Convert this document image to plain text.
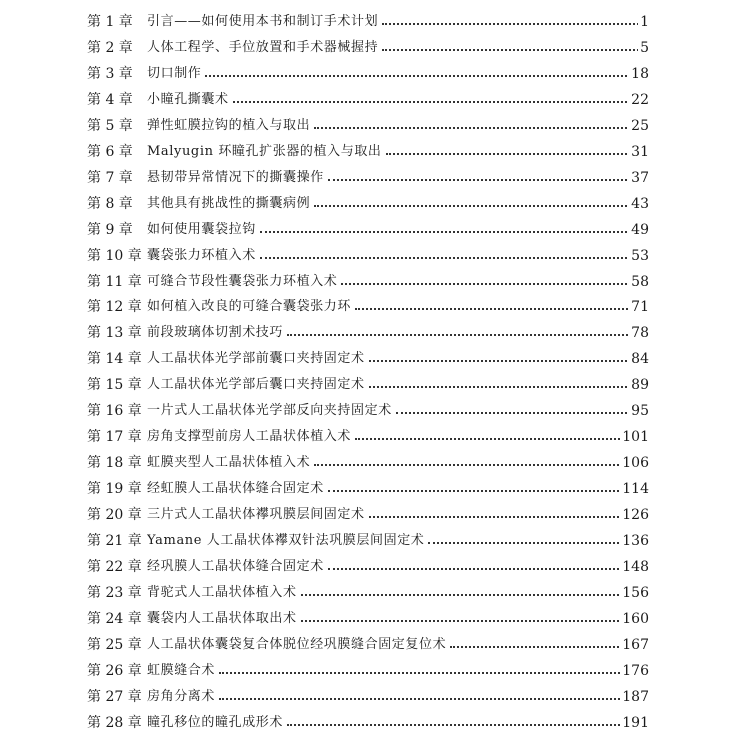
第 1 章 引言——如何使用本书和制订手术计划	1
第 2 章 人体工程学、手位放置和手术器械握持	5
第 3 章 切口制作	18
第 4 章 小瞳孔撕囊术	22
第 5 章 弹性虹膜拉钩的植入与取出	25
第 6 章 Malyugin 环瞳孔扩张器的植入与取出	31
第 7 章 悬韧带异常情况下的撕囊操作	37
第 8 章 其他具有挑战性的撕囊病例	43
第 9 章 如何使用囊袋拉钩	49
第 10 章 囊袋张力环植入术	53
第 11 章 可缝合节段性囊袋张力环植入术	58
第 12 章 如何植入改良的可缝合囊袋张力环	71
第 13 章 前段玻璃体切割术技巧	78
第 14 章 人工晶状体光学部前囊口夹持固定术	84
第 15 章 人工晶状体光学部后囊口夹持固定术	89
第 16 章 一片式人工晶状体光学部反向夹持固定术	95
第 17 章 房角支撑型前房人工晶状体植入术	101
第 18 章 虹膜夹型人工晶状体植入术	106
第 19 章 经虹膜人工晶状体缝合固定术	114
第 20 章 三片式人工晶状体襻巩膜层间固定术	126
第 21 章 Yamane 人工晶状体襻双针法巩膜层间固定术	136
第 22 章 经巩膜人工晶状体缝合固定术	148
第 23 章 背驼式人工晶状体植入术	156
第 24 章 囊袋内人工晶状体取出术	160
第 25 章 人工晶状体囊袋复合体脱位经巩膜缝合固定复位术	167
第 26 章 虹膜缝合术	176
第 27 章 房角分离术	187
第 28 章 瞳孔移位的瞳孔成形术	191
